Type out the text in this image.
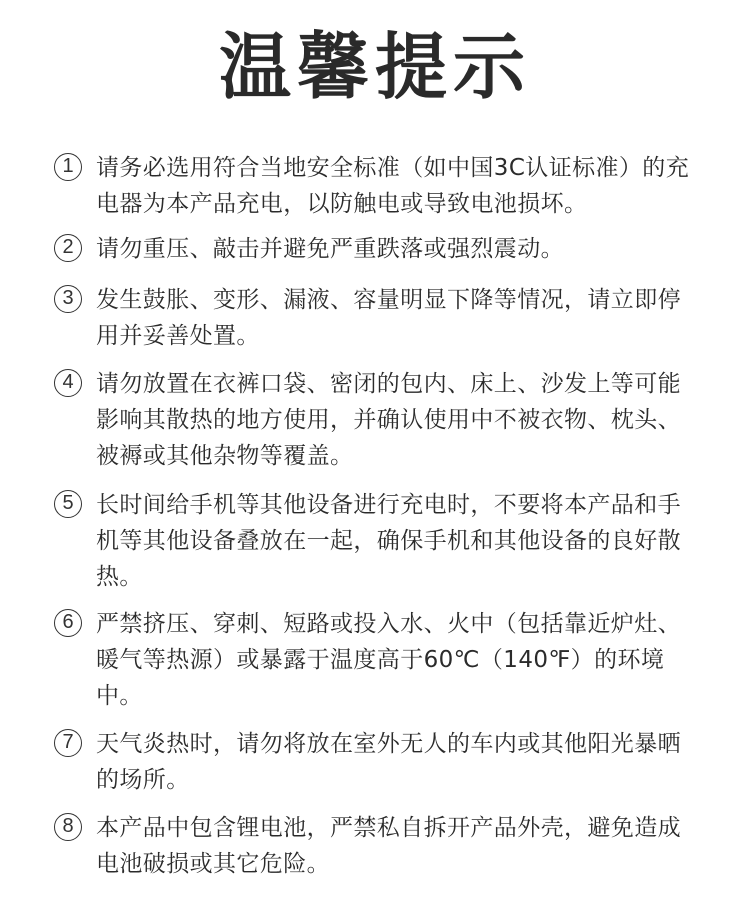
温馨提示
1 请务必选用符合当地安全标准（如中国3C认证标准）的充电器为本产品充电，以防触电或导致电池损坏。
2 请勿重压、敲击并避免严重跌落或强烈震动。
3 发生鼓胀、变形、漏液、容量明显下降等情况，请立即停用并妥善处置。
4 请勿放置在衣裤口袋、密闭的包内、床上、沙发上等可能影响其散热的地方使用，并确认使用中不被衣物、枕头、被褥或其他杂物等覆盖。
5 长时间给手机等其他设备进行充电时，不要将本产品和手机等其他设备叠放在一起，确保手机和其他设备的良好散热。
6 严禁挤压、穿刺、短路或投入水、火中（包括靠近炉灶、暖气等热源）或暴露于温度高于60℃（140℉）的环境中。
7 天气炎热时，请勿将放在室外无人的车内或其他阳光暴晒的场所。
8 本产品中包含锂电池，严禁私自拆开产品外壳，避免造成电池破损或其它危险。
